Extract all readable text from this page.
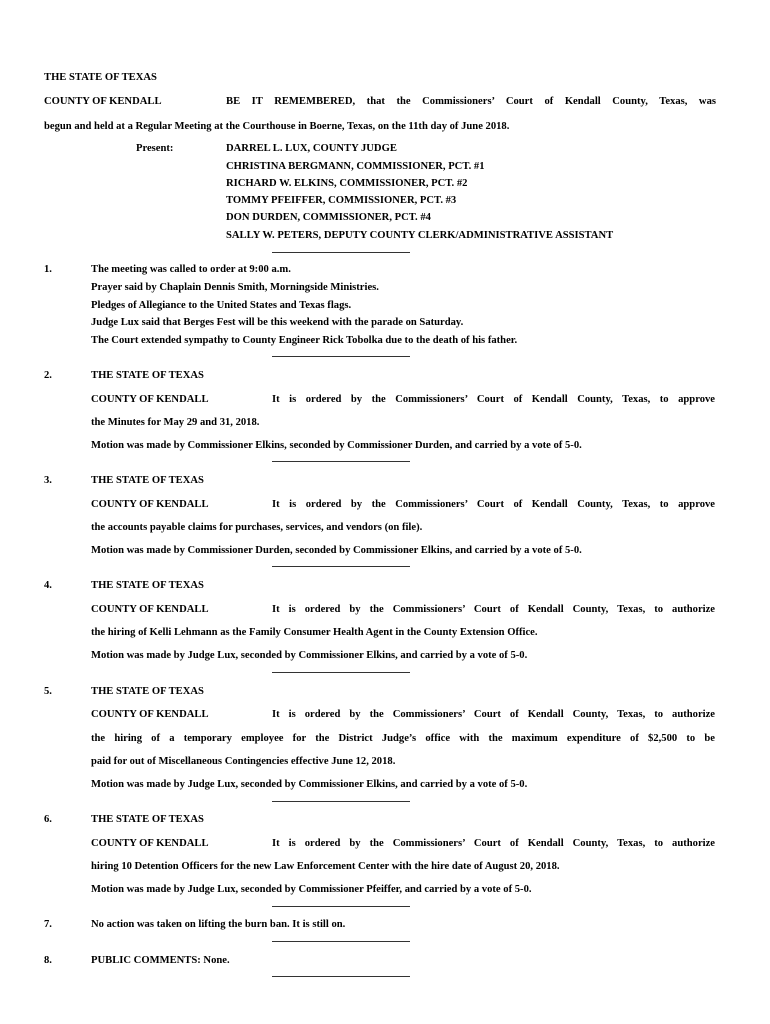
THE STATE OF TEXAS
COUNTY OF KENDALL	BE IT REMEMBERED, that the Commissioners’ Court of Kendall County, Texas, was
begun and held at a Regular Meeting at the Courthouse in Boerne, Texas, on the 11th day of June 2018.
Present:	DARREL L. LUX, COUNTY JUDGE
CHRISTINA BERGMANN, COMMISSIONER, PCT. #1
RICHARD W. ELKINS, COMMISSIONER, PCT. #2
TOMMY PFEIFFER, COMMISSIONER, PCT. #3
DON DURDEN, COMMISSIONER, PCT. #4
SALLY W. PETERS, DEPUTY COUNTY CLERK/ADMINISTRATIVE ASSISTANT
1.	The meeting was called to order at 9:00 a.m.
Prayer said by Chaplain Dennis Smith, Morningside Ministries.
Pledges of Allegiance to the United States and Texas flags.
Judge Lux said that Berges Fest will be this weekend with the parade on Saturday.
The Court extended sympathy to County Engineer Rick Tobolka due to the death of his father.
2.	THE STATE OF TEXAS
COUNTY OF KENDALL	It is ordered by the Commissioners’ Court of Kendall County, Texas, to approve
the Minutes for May 29 and 31, 2018.
Motion was made by Commissioner Elkins, seconded by Commissioner Durden, and carried by a vote of 5-0.
3.	THE STATE OF TEXAS
COUNTY OF KENDALL	It is ordered by the Commissioners’ Court of Kendall County, Texas, to approve
the accounts payable claims for purchases, services, and vendors (on file).
Motion was made by Commissioner Durden, seconded by Commissioner Elkins, and carried by a vote of 5-0.
4.	THE STATE OF TEXAS
COUNTY OF KENDALL	It is ordered by the Commissioners’ Court of Kendall County, Texas, to authorize
the hiring of Kelli Lehmann as the Family Consumer Health Agent in the County Extension Office.
Motion was made by Judge Lux, seconded by Commissioner Elkins, and carried by a vote of 5-0.
5.	THE STATE OF TEXAS
COUNTY OF KENDALL	It is ordered by the Commissioners’ Court of Kendall County, Texas, to authorize
the hiring of a temporary employee for the District Judge’s office with the maximum expenditure of $2,500 to be
paid for out of Miscellaneous Contingencies effective June 12, 2018.
Motion was made by Judge Lux, seconded by Commissioner Elkins, and carried by a vote of 5-0.
6.	THE STATE OF TEXAS
COUNTY OF KENDALL	It is ordered by the Commissioners’ Court of Kendall County, Texas, to authorize
hiring 10 Detention Officers for the new Law Enforcement Center with the hire date of August 20, 2018.
Motion was made by Judge Lux, seconded by Commissioner Pfeiffer, and carried by a vote of 5-0.
7.	No action was taken on lifting the burn ban. It is still on.
8.	PUBLIC COMMENTS: None.
